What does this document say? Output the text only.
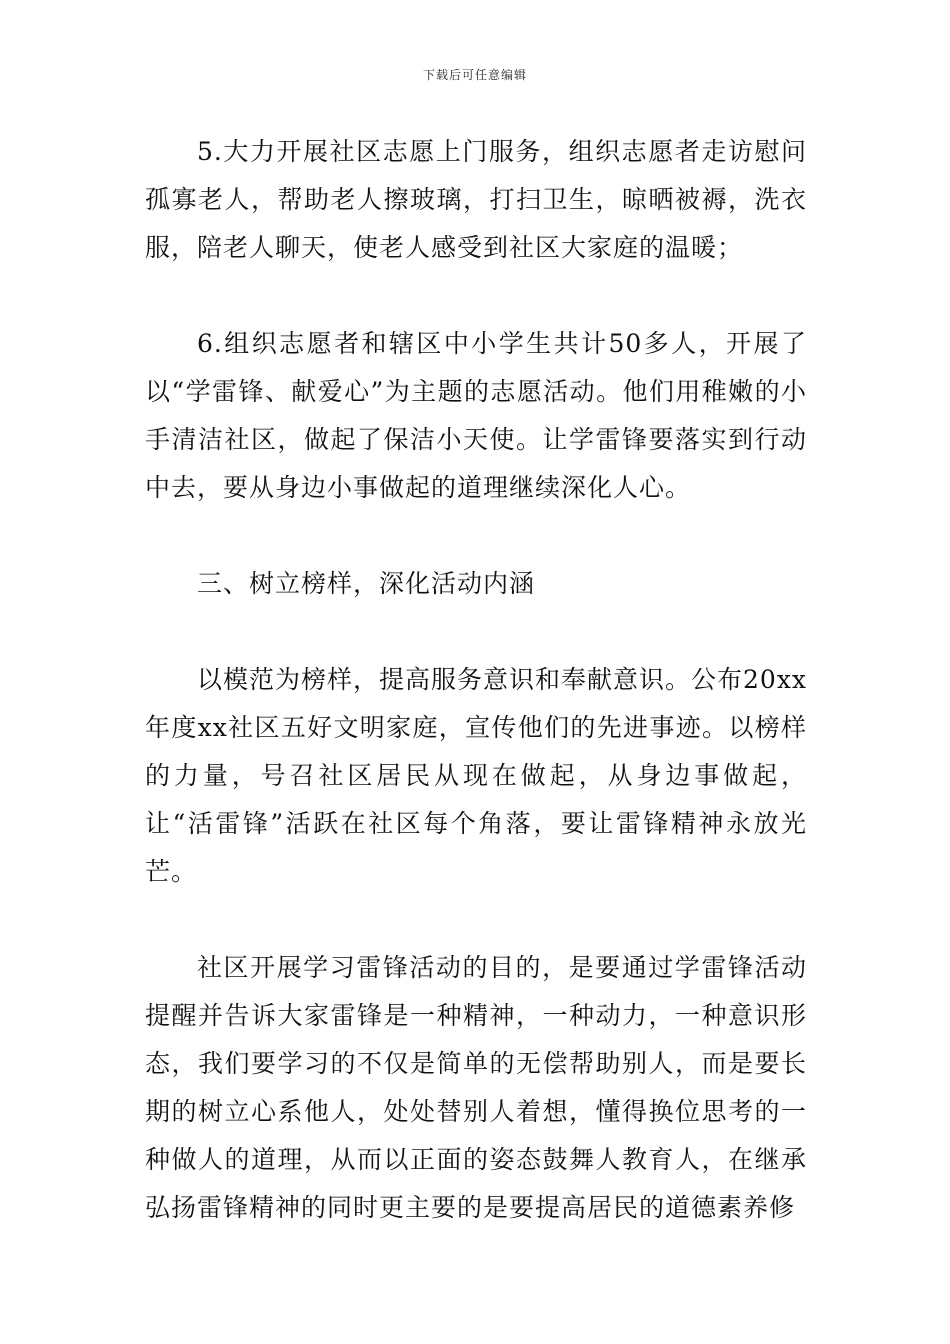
下载后可任意编辑

5.大力开展社区志愿上门服务，组织志愿者走访慰问孤寡老人，帮助老人擦玻璃，打扫卫生，晾晒被褥，洗衣服，陪老人聊天，使老人感受到社区大家庭的温暖；

6.组织志愿者和辖区中小学生共计50多人，开展了以“学雷锋、献爱心”为主题的志愿活动。他们用稚嫩的小手清洁社区，做起了保洁小天使。让学雷锋要落实到行动中去，要从身边小事做起的道理继续深化人心。

三、树立榜样，深化活动内涵

以模范为榜样，提高服务意识和奉献意识。公布20xx年度xx社区五好文明家庭，宣传他们的先进事迹。以榜样的力量，号召社区居民从现在做起，从身边事做起，让“活雷锋”活跃在社区每个角落，要让雷锋精神永放光芒。

社区开展学习雷锋活动的目的，是要通过学雷锋活动提醒并告诉大家雷锋是一种精神，一种动力，一种意识形态，我们要学习的不仅是简单的无偿帮助别人，而是要长期的树立心系他人，处处替别人着想，懂得换位思考的一种做人的道理，从而以正面的姿态鼓舞人教育人，在继承弘扬雷锋精神的同时更主要的是要提高居民的道德素养修
